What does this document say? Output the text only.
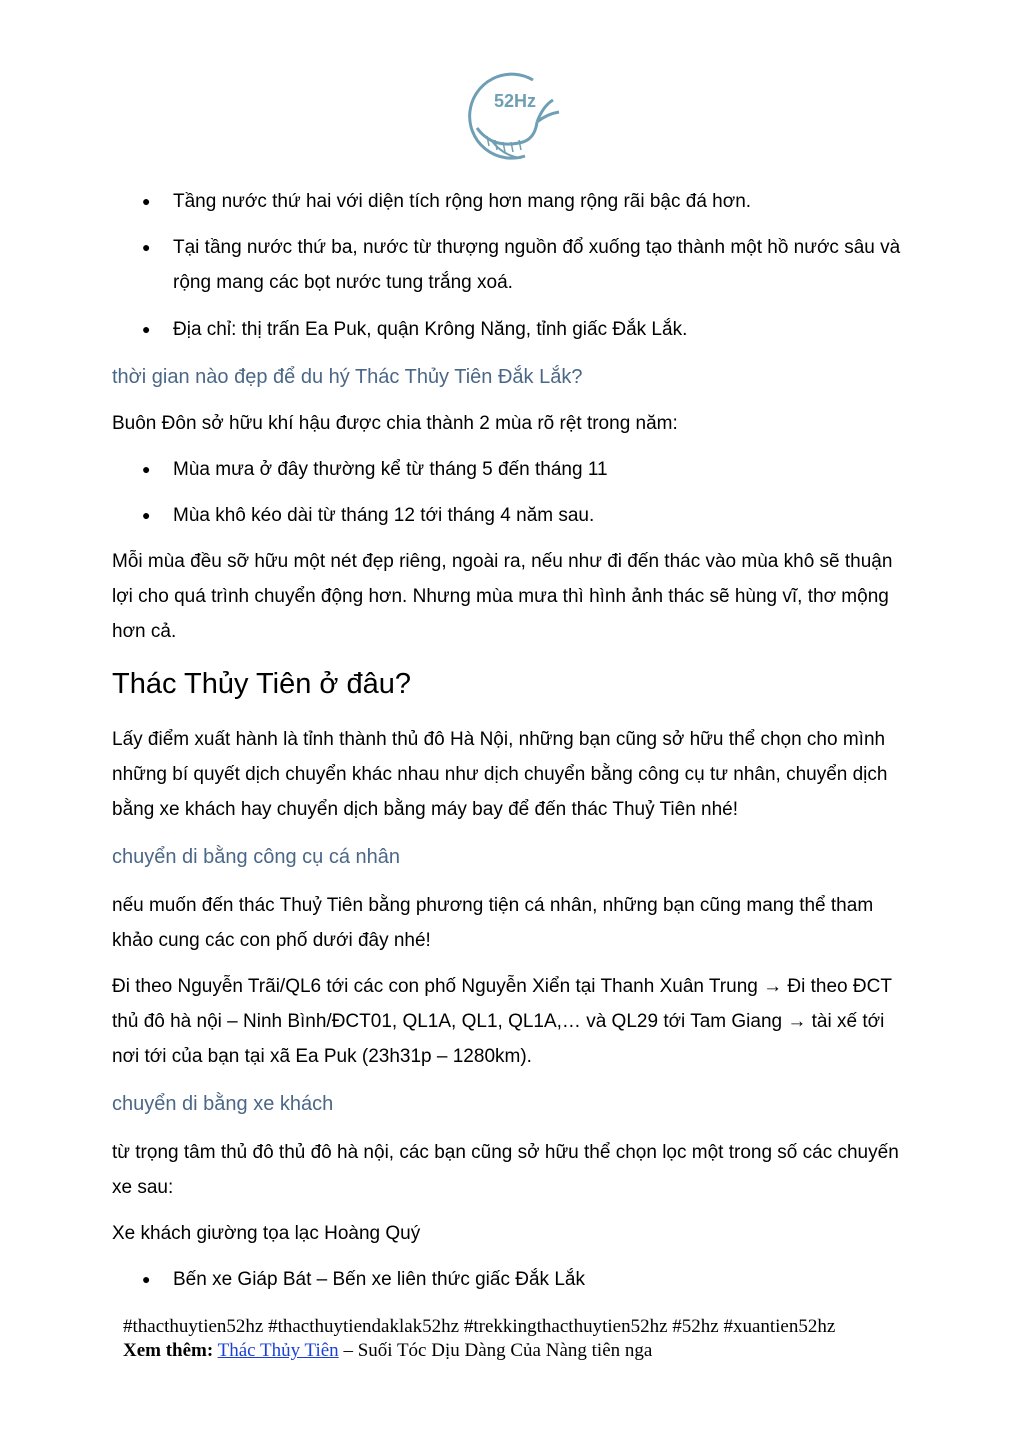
52Hz
● Tầng nước thứ hai với diện tích rộng hơn mang rộng rãi bậc đá hơn.
● Tại tầng nước thứ ba, nước từ thượng nguồn đổ xuống tạo thành một hồ nước sâu và rộng mang các bọt nước tung trắng xoá.
● Địa chỉ: thị trấn Ea Puk, quận Krông Năng, tỉnh giấc Đắk Lắk.
thời gian nào đẹp để du hý Thác Thủy Tiên Đắk Lắk?
Buôn Đôn sở hữu khí hậu được chia thành 2 mùa rõ rệt trong năm:
● Mùa mưa ở đây thường kể từ tháng 5 đến tháng 11
● Mùa khô kéo dài từ tháng 12 tới tháng 4 năm sau.
Mỗi mùa đều sỡ hữu một nét đẹp riêng, ngoài ra, nếu như đi đến thác vào mùa khô sẽ thuận lợi cho quá trình chuyển động hơn. Nhưng mùa mưa thì hình ảnh thác sẽ hùng vĩ, thơ mộng hơn cả.
Thác Thủy Tiên ở đâu?
Lấy điểm xuất hành là tỉnh thành thủ đô Hà Nội, những bạn cũng sở hữu thể chọn cho mình những bí quyết dịch chuyển khác nhau như dịch chuyển bằng công cụ tư nhân, chuyển dịch bằng xe khách hay chuyển dịch bằng máy bay để đến thác Thuỷ Tiên nhé!
chuyển di bằng công cụ cá nhân
nếu muốn đến thác Thuỷ Tiên bằng phương tiện cá nhân, những bạn cũng mang thể tham khảo cung các con phố dưới đây nhé!
Đi theo Nguyễn Trãi/QL6 tới các con phố Nguyễn Xiển tại Thanh Xuân Trung → Đi theo ĐCT thủ đô hà nội – Ninh Bình/ĐCT01, QL1A, QL1, QL1A,… và QL29 tới Tam Giang → tài xế tới nơi tới của bạn tại xã Ea Puk (23h31p – 1280km).
chuyển di bằng xe khách
từ trọng tâm thủ đô thủ đô hà nội, các bạn cũng sở hữu thể chọn lọc một trong số các chuyến xe sau:
Xe khách giường tọa lạc Hoàng Quý
● Bến xe Giáp Bát – Bến xe liên thức giấc Đắk Lắk
#thacthuytien52hz #thacthuytiendaklak52hz #trekkingthacthuytien52hz #52hz #xuantien52hz
Xem thêm: Thác Thủy Tiên – Suối Tóc Dịu Dàng Của Nàng tiên nga
